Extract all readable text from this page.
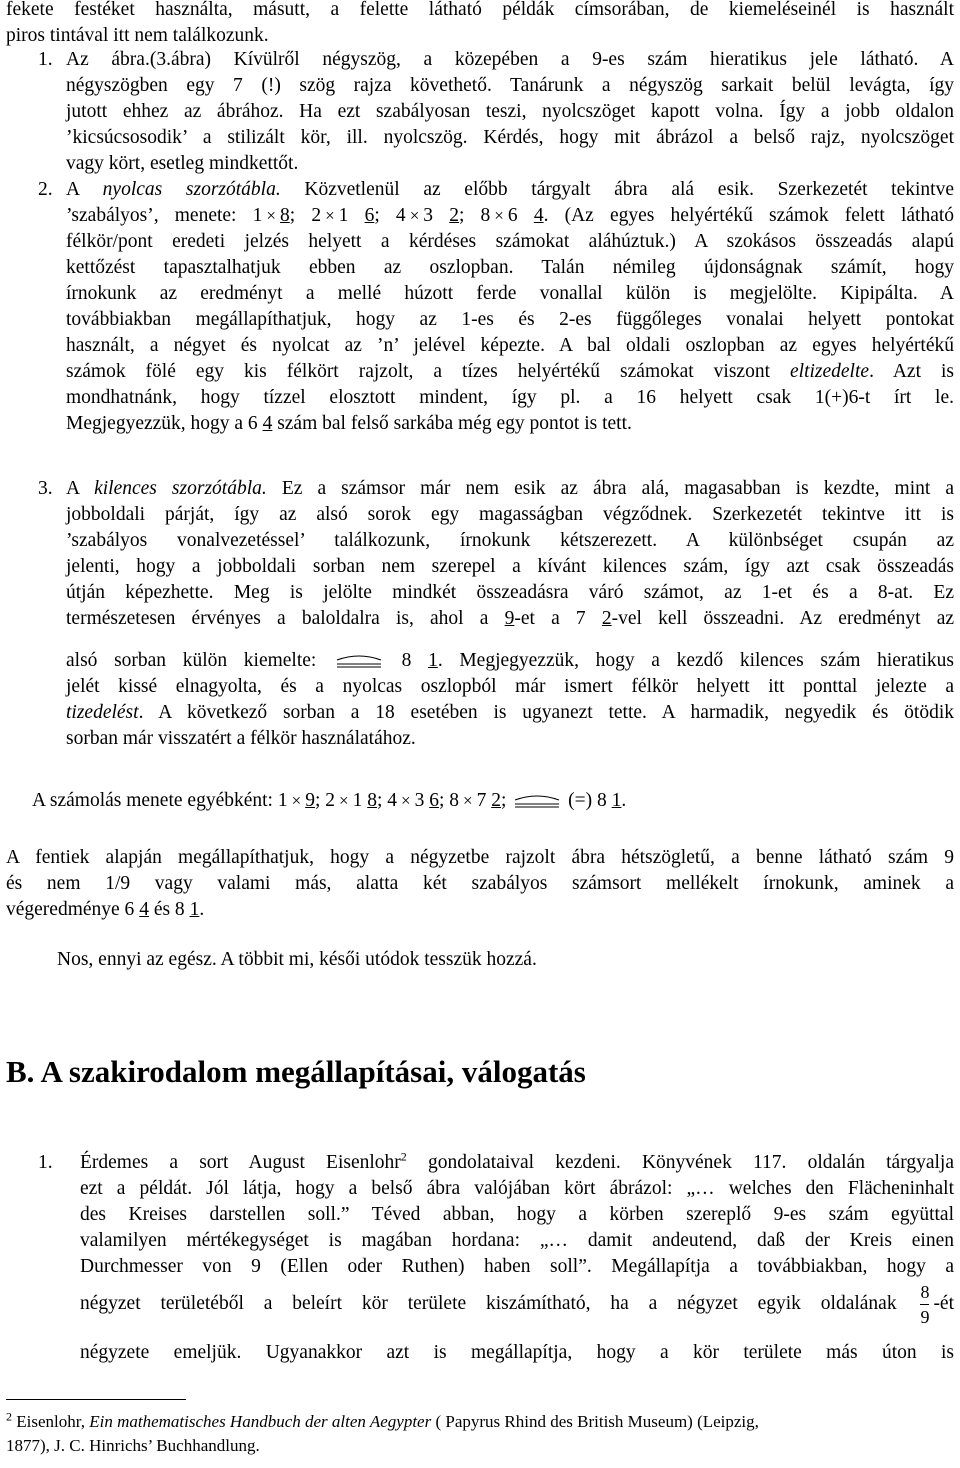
fekete festéket használta, másutt, a felette látható példák címsorában, de kiemeléseinél is használt
piros tintával itt nem találkozunk.
1. Az ábra.(3.ábra) Kívülről négyszög, a közepében a 9-es szám hieratikus jele látható. A
négyszögben egy 7 (!) szög rajza követhető. Tanárunk a négyszög sarkait belül levágta, így
jutott ehhez az ábrához. Ha ezt szabályosan teszi, nyolcszöget kapott volna. Így a jobb oldalon
’kicsúcsosodik’ a stilizált kör, ill. nyolcszög. Kérdés, hogy mit ábrázol a belső rajz, nyolcszöget
vagy kört, esetleg mindkettőt.
2. A nyolcas szorzótábla. Közvetlenül az előbb tárgyalt ábra alá esik. Szerkezetét tekintve
’szabályos’, menete: 1 × 8; 2 × 1 6; 4 × 3 2; 8 × 6 4. (Az egyes helyértékű számok felett látható
félkör/pont eredeti jelzés helyett a kérdéses számokat aláhúztuk.) A szokásos összeadás alapú
kettőzést tapasztalhatjuk ebben az oszlopban. Talán némileg újdonságnak számít, hogy
írnokunk az eredményt a mellé húzott ferde vonallal külön is megjelölte. Kipipálta. A
továbbiakban megállapíthatjuk, hogy az 1-es és 2-es függőleges vonalai helyett pontokat
használt, a négyet és nyolcat az ’n’ jelével képezte. A bal oldali oszlopban az egyes helyértékű
számok fölé egy kis félkört rajzolt, a tízes helyértékű számokat viszont eltizedelte. Azt is
mondhatnánk, hogy tízzel elosztott mindent, így pl. a 16 helyett csak 1(+)6-t írt le.
Megjegyezzük, hogy a 6 4 szám bal felső sarkába még egy pontot is tett.
3. A kilences szorzótábla. Ez a számsor már nem esik az ábra alá, magasabban is kezdte, mint a
jobboldali párját, így az alsó sorok egy magasságban végződnek. Szerkezetét tekintve itt is
’szabályos vonalvezetéssel’ találkozunk, írnokunk kétszerezett. A különbséget csupán az
jelenti, hogy a jobboldali sorban nem szerepel a kívánt kilences szám, így azt csak összeadás
útján képezhette. Meg is jelölte mindkét összeadásra váró számot, az 1-et és a 8-at. Ez
természetesen érvényes a baloldalra is, ahol a 9-et a 7 2-vel kell összeadni. Az eredményt az
alsó sorban külön kiemelte:	8 1. Megjegyezzük, hogy a kezdő kilences szám hieratikus
jelét kissé elnagyolta, és a nyolcas oszlopból már ismert félkör helyett itt ponttal jelezte a
tizedelést. A következő sorban a 18 esetében is ugyanezt tette. A harmadik, negyedik és ötödik
sorban már visszatért a félkör használatához.
A számolás menete egyébként: 1 × 9; 2 × 1 8; 4 × 3 6; 8 × 7 2;	(=) 8 1.
A fentiek alapján megállapíthatjuk, hogy a négyzetbe rajzolt ábra hétszögletű, a benne látható szám 9
és nem 1/9 vagy valami más, alatta két szabályos számsort mellékelt írnokunk, aminek a
végeredménye 6 4 és 8 1.
Nos, ennyi az egész. A többit mi, késői utódok tesszük hozzá.
B. A szakirodalom megállapításai, válogatás
1. Érdemes a sort August Eisenlohr$^2$ gondolataival kezdeni. Könyvének 117. oldalán tárgyalja
ezt a példát. Jól látja, hogy a belső ábra valójában kört ábrázol: „… welches den Flächeninhalt
des Kreises darstellen soll.” Téved abban, hogy a körben szereplő 9-es szám együttal
valamilyen mértékegységet is magában hordana: „… damit andeutend, daß der Kreis einen
Durchmesser von 9 (Ellen oder Ruthen) haben soll”. Megállapítja a továbbiakban, hogy a
négyzet területéből a beleírt kör területe kiszámítható, ha a négyzet egyik oldalának $\frac{8}{9}$ -ét
négyzete emeljük. Ugyanakkor azt is megállapítja, hogy a kör területe más úton is
$^2$ Eisenlohr, Ein mathematisches Handbuch der alten Aegypter ( Papyrus Rhind des British Museum) (Leipzig,
1877), J. C. Hinrichs’ Buchhandlung.
